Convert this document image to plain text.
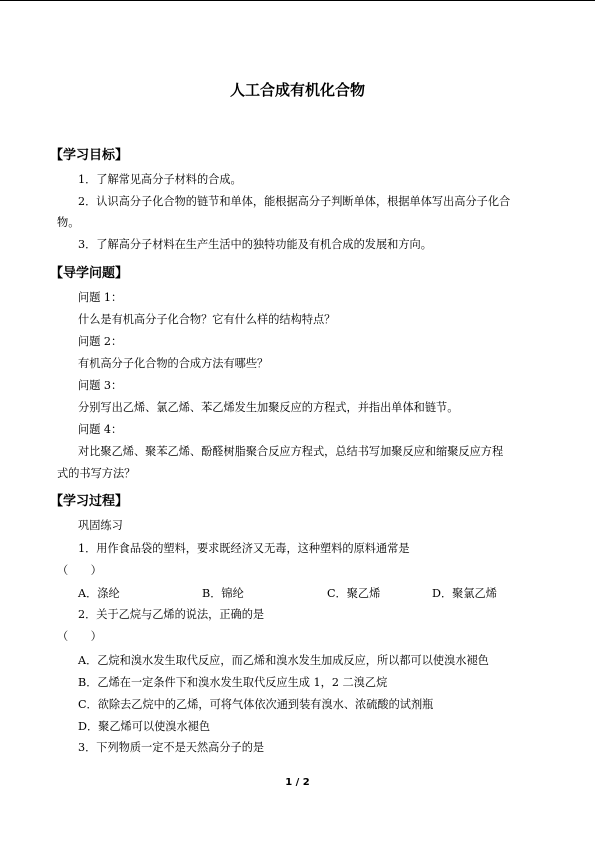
人工合成有机化合物
【学习目标】
1．了解常见高分子材料的合成。
2．认识高分子化合物的链节和单体，能根据高分子判断单体，根据单体写出高分子化合
物。
3．了解高分子材料在生产生活中的独特功能及有机合成的发展和方向。
【导学问题】
问题 1：
什么是有机高分子化合物？它有什么样的结构特点？
问题 2：
有机高分子化合物的合成方法有哪些？
问题 3：
分别写出乙烯、氯乙烯、苯乙烯发生加聚反应的方程式，并指出单体和链节。
问题 4：
对比聚乙烯、聚苯乙烯、酚醛树脂聚合反应方程式，总结书写加聚反应和缩聚反应方程
式的书写方法？
【学习过程】
巩固练习
1．用作食品袋的塑料，要求既经济又无毒，这种塑料的原料通常是
（　　）
A．涤纶	B．锦纶	C．聚乙烯	D．聚氯乙烯
2．关于乙烷与乙烯的说法，正确的是
（　　）
A．乙烷和溴水发生取代反应，而乙烯和溴水发生加成反应，所以都可以使溴水褪色
B．乙烯在一定条件下和溴水发生取代反应生成 1，2 二溴乙烷
C．欲除去乙烷中的乙烯，可将气体依次通到装有溴水、浓硫酸的试剂瓶
D．聚乙烯可以使溴水褪色
3．下列物质一定不是天然高分子的是
1 / 2
